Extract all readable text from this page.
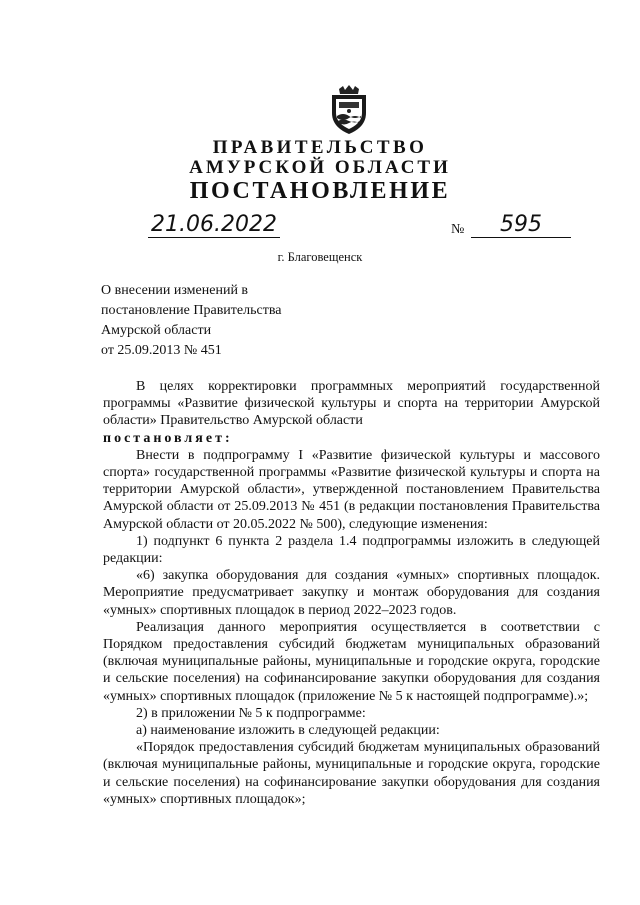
ПРАВИТЕЛЬСТВО
АМУРСКОЙ ОБЛАСТИ
ПОСТАНОВЛЕНИЕ
21.06.2022	№	595
г. Благовещенск
О внесении изменений в
постановление Правительства
Амурской области
от 25.09.2013 № 451

В целях корректировки программных мероприятий государственной программы «Развитие физической культуры и спорта на территории Амурской области» Правительство Амурской области

постановляет:

Внести в подпрограмму I «Развитие физической культуры и массового спорта» государственной программы «Развитие физической культуры и спорта на территории Амурской области», утвержденной постановлением Правительства Амурской области от 25.09.2013 № 451 (в редакции постановления Правительства Амурской области от 20.05.2022 № 500), следующие изменения:

1) подпункт 6 пункта 2 раздела 1.4 подпрограммы изложить в следующей редакции:

«6) закупка оборудования для создания «умных» спортивных площадок. Мероприятие предусматривает закупку и монтаж оборудования для создания «умных» спортивных площадок в период 2022–2023 годов.

Реализация данного мероприятия осуществляется в соответствии с Порядком предоставления субсидий бюджетам муниципальных образований (включая муниципальные районы, муниципальные и городские округа, городские и сельские поселения) на софинансирование закупки оборудования для создания «умных» спортивных площадок (приложение № 5 к настоящей подпрограмме).»;

2) в приложении № 5 к подпрограмме:

а) наименование изложить в следующей редакции:

«Порядок предоставления субсидий бюджетам муниципальных образований (включая муниципальные районы, муниципальные и городские округа, городские и сельские поселения) на софинансирование закупки оборудования для создания «умных» спортивных площадок»;
